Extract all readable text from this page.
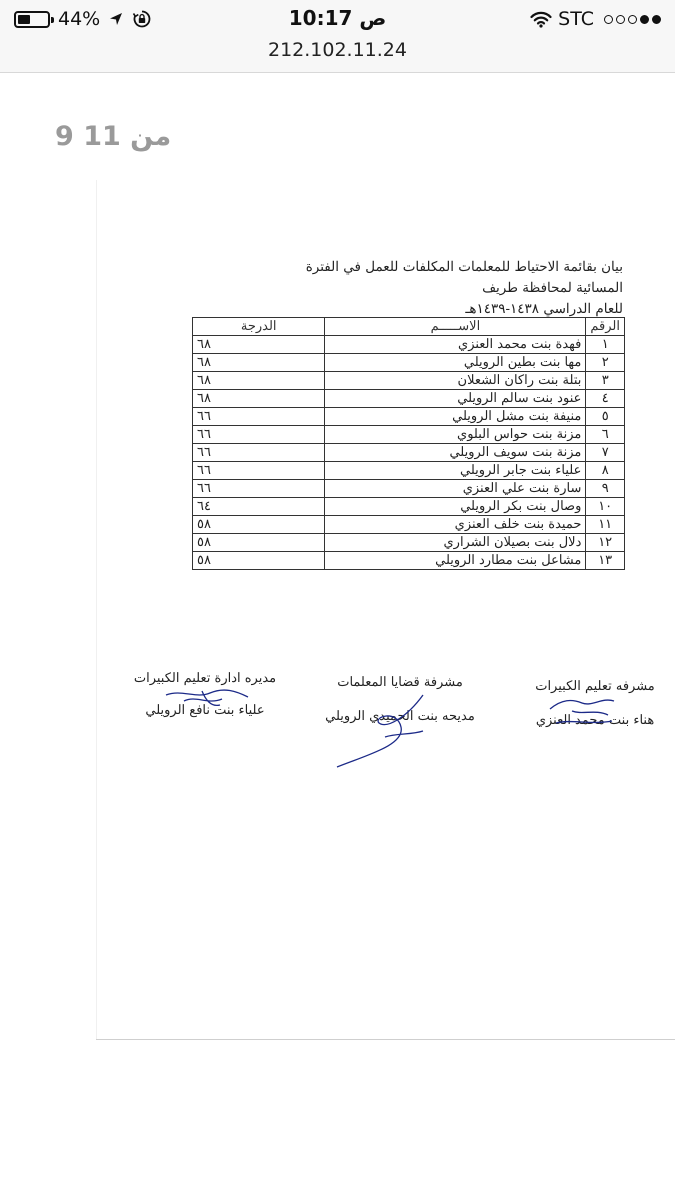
44%	10:17 ص
212.102.11.24
STC
9 من 11
بيان بقائمة الاحتياط للمعلمات المكلفات للعمل في الفترة المسائية لمحافظة طريف
للعام الدراسي ١٤٣٨-١٤٣٩هـ
الرقم	الاســـــم	الدرجة
١	فهدة بنت محمد العنزي	٦٨
٢	مها بنت بطين الرويلي	٦٨
٣	بتلة بنت راكان الشعلان	٦٨
٤	عنود بنت سالم الرويلي	٦٨
٥	منيفة بنت مشل الرويلي	٦٦
٦	مزنة بنت حواس البلوي	٦٦
٧	مزنة بنت سويف الرويلي	٦٦
٨	علياء بنت جابر الرويلي	٦٦
٩	سارة بنت علي العنزي	٦٦
١٠	وصال بنت بكر الرويلي	٦٤
١١	حميدة بنت خلف العنزي	٥٨
١٢	دلال بنت بصيلان الشراري	٥٨
١٣	مشاعل بنت مطارد الرويلي	٥٨
مديره ادارة تعليم الكبيرات
علياء بنت نافع الرويلي
مشرفة قضايا المعلمات
مديحه بنت الحميدي الرويلي
مشرفه تعليم الكبيرات
هناء بنت محمد العنزي
